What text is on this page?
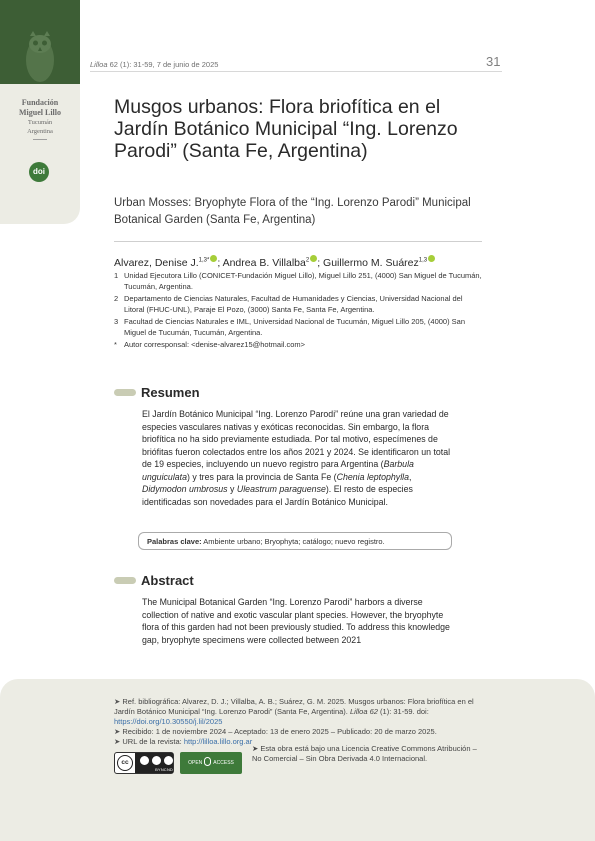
Fundación
Miguel Lillo
Tucumán
Argentina
doi
Lilloa 62 (1): 31-59, 7 de junio de 2025	31
Musgos urbanos: Flora briofítica en el Jardín Botánico Municipal “Ing. Lorenzo Parodi” (Santa Fe, Argentina)
Urban Mosses: Bryophyte Flora of the “Ing. Lorenzo Parodi” Municipal Botanical Garden (Santa Fe, Argentina)
Alvarez, Denise J.$^{1,3*}$ ; Andrea B. Villalba$^2$ ; Guillermo M. Suárez$^{1,3}$
1 Unidad Ejecutora Lillo (CONICET-Fundación Miguel Lillo), Miguel Lillo 251, (4000) San Miguel de Tucumán, Tucumán, Argentina.
2 Departamento de Ciencias Naturales, Facultad de Humanidades y Ciencias, Universidad Nacional del Litoral (FHUC-UNL), Paraje El Pozo, (3000) Santa Fe, Santa Fe, Argentina.
3 Facultad de Ciencias Naturales e IML, Universidad Nacional de Tucumán, Miguel Lillo 205, (4000) San Miguel de Tucumán, Tucumán, Argentina.
* Autor corresponsal: <denise-alvarez15@hotmail.com>
Resumen
El Jardín Botánico Municipal “Ing. Lorenzo Parodi” reúne una gran variedad de especies vasculares nativas y exóticas reconocidas. Sin embargo, la flora briofítica no ha sido previamente estudiada. Por tal motivo, especímenes de briófitas fueron colectados entre los años 2021 y 2024. Se identificaron un total de 19 especies, incluyendo un nuevo registro para Argentina (Barbula unguiculata) y tres para la provincia de Santa Fe (Chenia leptophylla, Didymodon umbrosus y Uleastrum paraguense). El resto de especies identificadas son novedades para el Jardín Botánico Municipal.
Palabras clave: Ambiente urbano; Bryophyta; catálogo; nuevo registro.
Abstract
The Municipal Botanical Garden “Ing. Lorenzo Parodi” harbors a diverse collection of native and exotic vascular plant species. However, the bryophyte flora of this garden had not been previously studied. To address this knowledge gap, bryophyte specimens were collected between 2021
➤ Ref. bibliográfica: Alvarez, D. J.; Villalba, A. B.; Suárez, G. M. 2025. Musgos urbanos: Flora briofítica en el Jardín Botánico Municipal “Ing. Lorenzo Parodi” (Santa Fe, Argentina). Lilloa 62 (1): 31-59. doi: https://doi.org/10.30550/j.lil/2025
➤ Recibido: 1 de noviembre 2024 – Aceptado: 13 de enero 2025 – Publicado: 20 de marzo 2025.
➤ URL de la revista: http://lilloa.lillo.org.ar
cc
BY NC ND
OPEN ACCESS
➤ Esta obra está bajo una Licencia Creative Commons Atribución – No Comercial – Sin Obra Derivada 4.0 Internacional.
